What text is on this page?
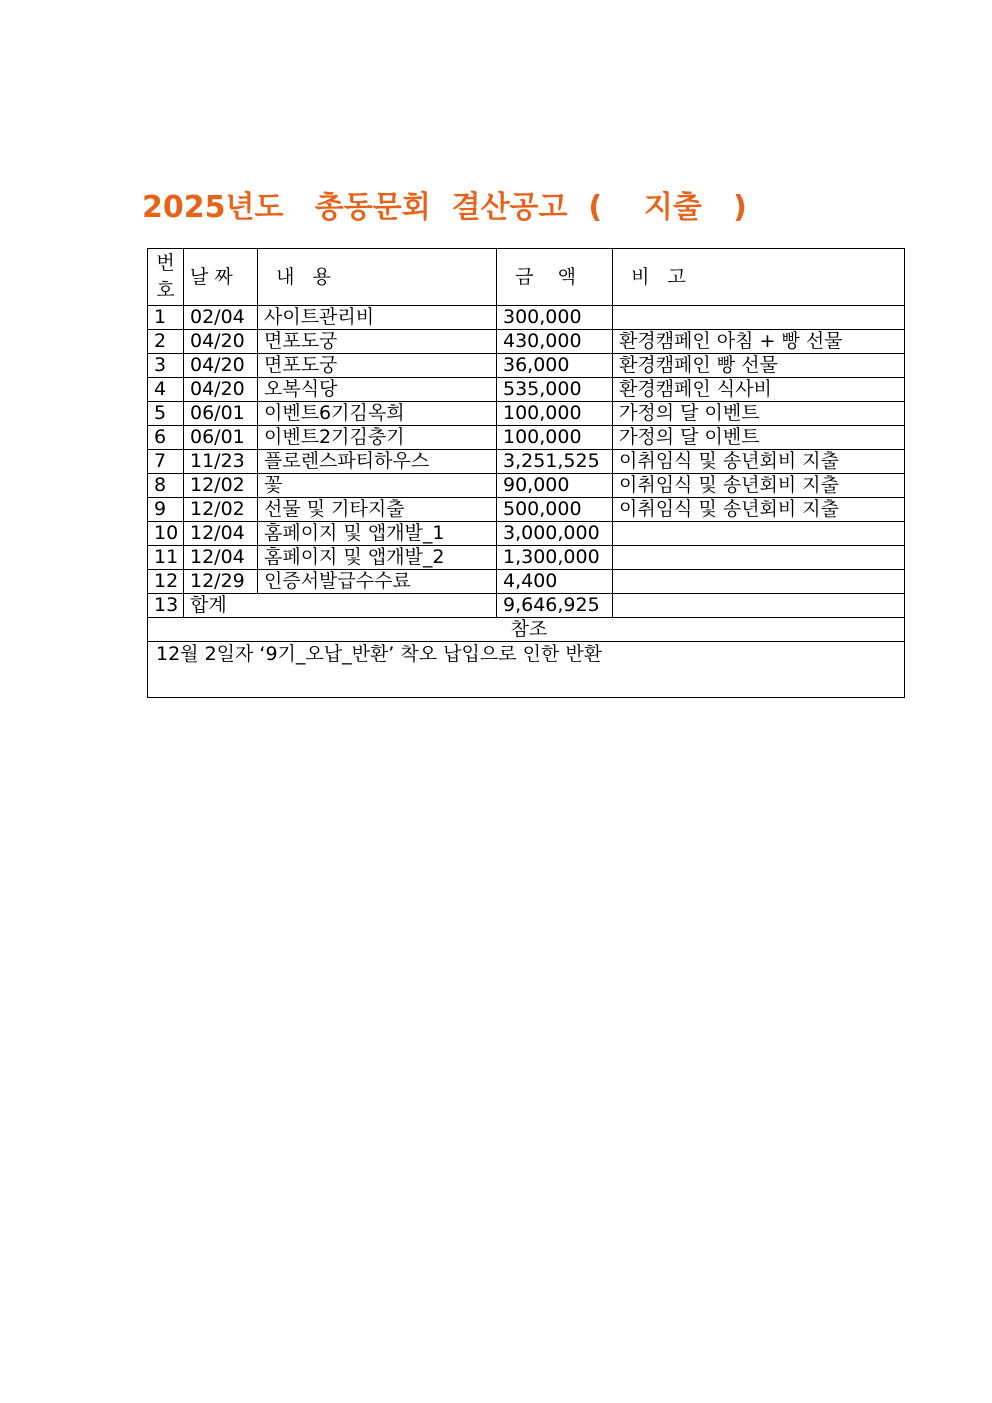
2025년도   총동문회  결산공고  (    지출   )
번 호	날 짜	내   용	금    액	비   고
1	02/04	사이트관리비	300,000	
2	04/20	면포도궁	430,000	환경캠페인 아침 + 빵 선물
3	04/20	면포도궁	36,000	환경캠페인 빵 선물
4	04/20	오복식당	535,000	환경캠페인 식사비
5	06/01	이벤트6기김옥희	100,000	가정의 달 이벤트
6	06/01	이벤트2기김충기	100,000	가정의 달 이벤트
7	11/23	플로렌스파티하우스	3,251,525	이취임식 및 송년회비 지출
8	12/02	꽃	90,000	이취임식 및 송년회비 지출
9	12/02	선물 및 기타지출	500,000	이취임식 및 송년회비 지출
10	12/04	홈페이지 및 앱개발_1	3,000,000	
11	12/04	홈페이지 및 앱개발_2	1,300,000	
12	12/29	인증서발급수수료	4,400	
13	합계		9,646,925	
참조				
12월 2일자 ‘9기_오납_반환’ 착오 납입으로 인한 반환				
